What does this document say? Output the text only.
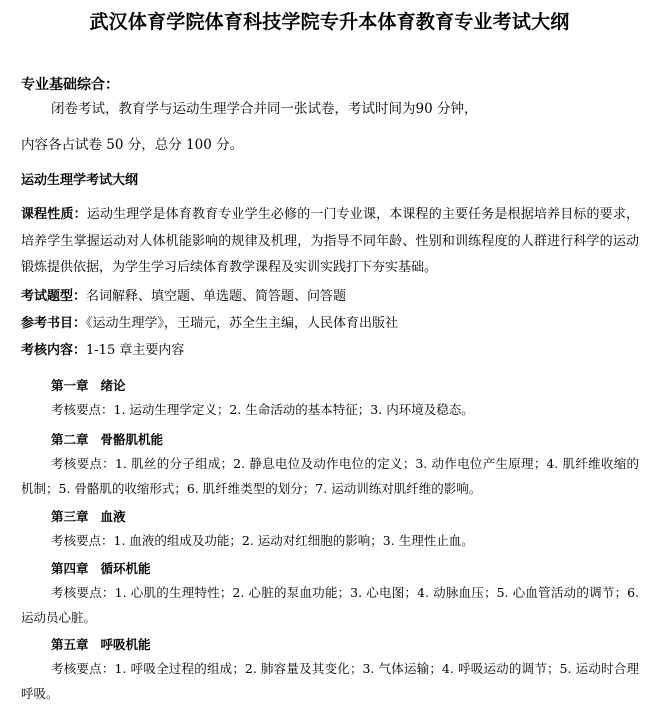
武汉体育学院体育科技学院专升本体育教育专业考试大纲
专业基础综合：
闭卷考试，教育学与运动生理学合并同一张试卷，考试时间为90 分钟，
内容各占试卷 50 分，总分 100 分。
运动生理学考试大纲
课程性质：运动生理学是体育教育专业学生必修的一门专业课，本课程的主要任务是根据培养目标的要求，培养学生掌握运动对人体机能影响的规律及机理，为指导不同年龄、性别和训练程度的人群进行科学的运动锻炼提供依据，为学生学习后续体育教学课程及实训实践打下夯实基础。
考试题型：名词解释、填空题、单选题、简答题、问答题
参考书目：《运动生理学》，王瑞元，苏全生主编，人民体育出版社
考核内容：1-15 章主要内容
第一章 绪论
考核要点：1. 运动生理学定义；2. 生命活动的基本特征；3. 内环境及稳态。
第二章 骨骼肌机能
考核要点：1. 肌丝的分子组成；2. 静息电位及动作电位的定义；3. 动作电位产生原理；4. 肌纤维收缩的机制；5. 骨骼肌的收缩形式；6. 肌纤维类型的划分；7. 运动训练对肌纤维的影响。
第三章 血液
考核要点：1. 血液的组成及功能；2. 运动对红细胞的影响；3. 生理性止血。
第四章 循环机能
考核要点：1. 心肌的生理特性；2. 心脏的泵血功能；3. 心电图；4. 动脉血压；5. 心血管活动的调节；6. 运动员心脏。
第五章 呼吸机能
考核要点：1. 呼吸全过程的组成；2. 肺容量及其变化；3. 气体运输；4. 呼吸运动的调节；5. 运动时合理呼吸。
